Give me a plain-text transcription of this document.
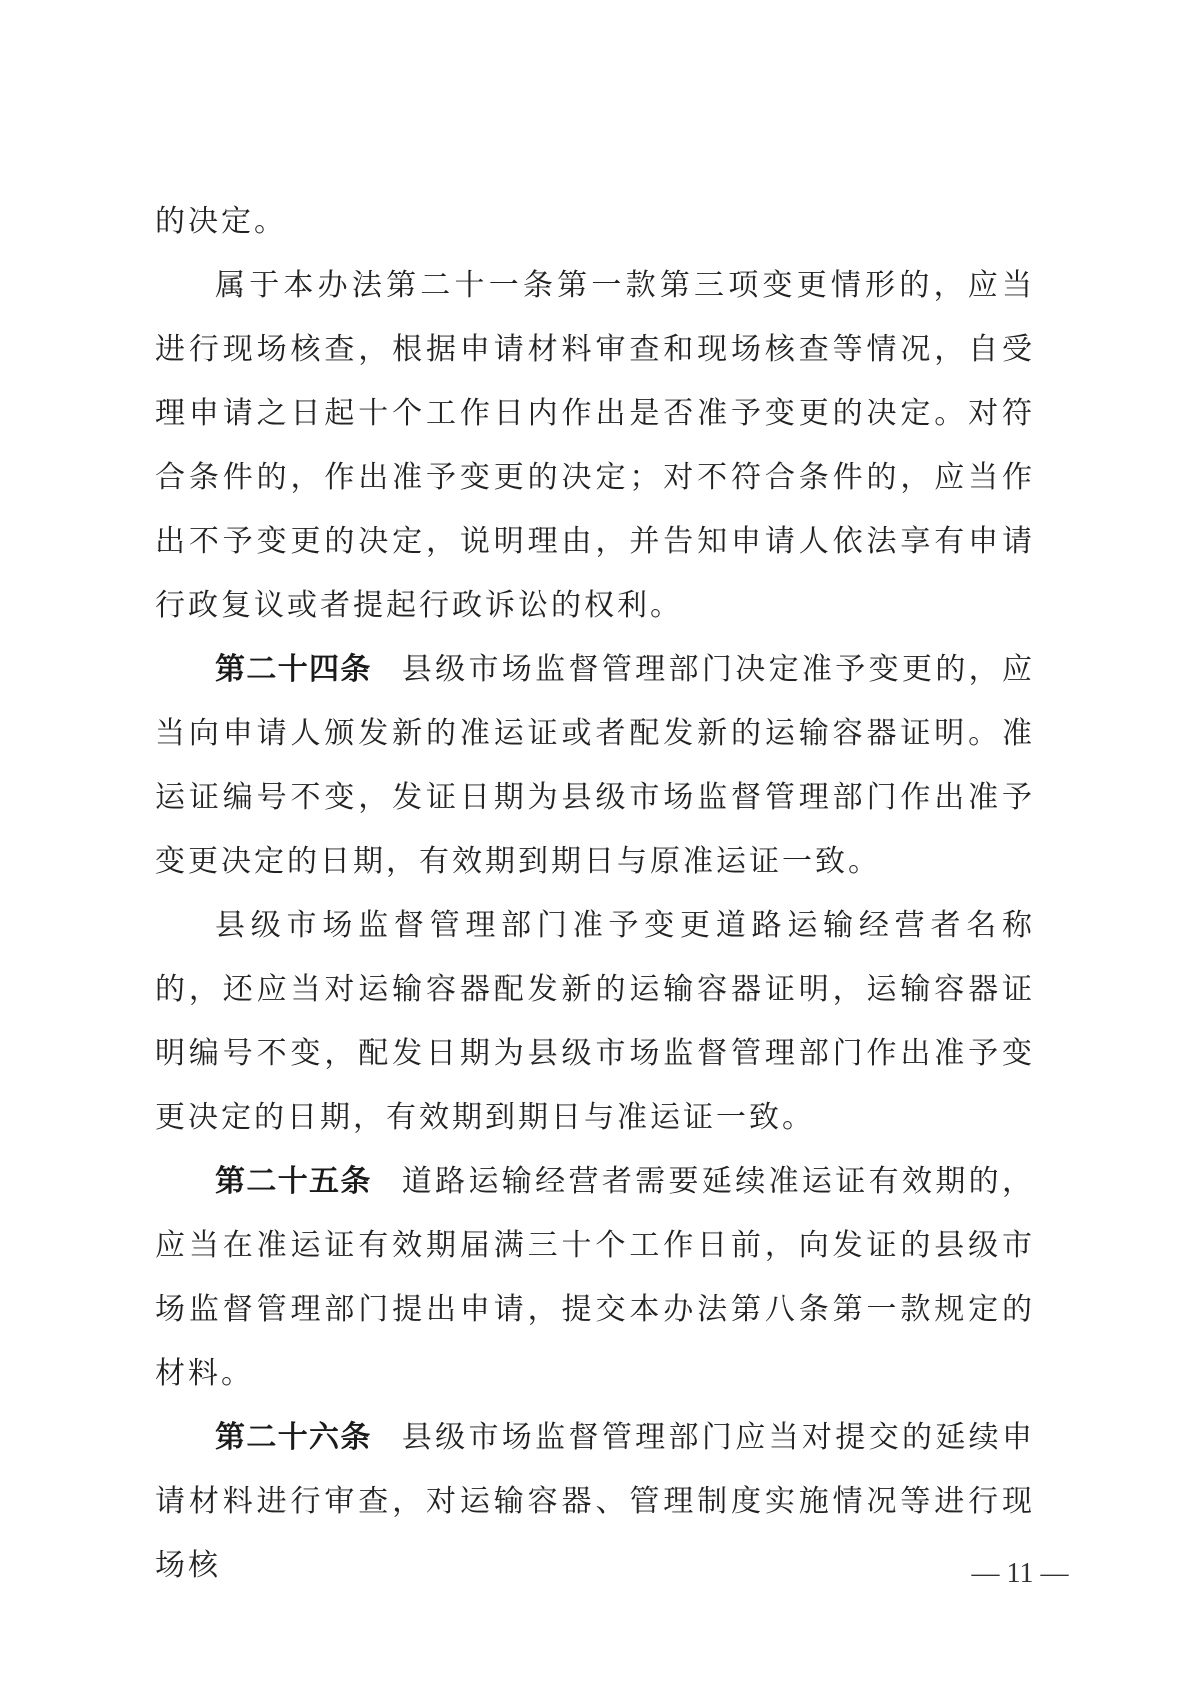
的决定。

属于本办法第二十一条第一款第三项变更情形的，应当进行现场核查，根据申请材料审查和现场核查等情况，自受理申请之日起十个工作日内作出是否准予变更的决定。对符合条件的，作出准予变更的决定；对不符合条件的，应当作出不予变更的决定，说明理由，并告知申请人依法享有申请行政复议或者提起行政诉讼的权利。

第二十四条 县级市场监督管理部门决定准予变更的，应当向申请人颁发新的准运证或者配发新的运输容器证明。准运证编号不变，发证日期为县级市场监督管理部门作出准予变更决定的日期，有效期到期日与原准运证一致。

县级市场监督管理部门准予变更道路运输经营者名称的，还应当对运输容器配发新的运输容器证明，运输容器证明编号不变，配发日期为县级市场监督管理部门作出准予变更决定的日期，有效期到期日与准运证一致。

第二十五条 道路运输经营者需要延续准运证有效期的，应当在准运证有效期届满三十个工作日前，向发证的县级市场监督管理部门提出申请，提交本办法第八条第一款规定的材料。

第二十六条 县级市场监督管理部门应当对提交的延续申请材料进行审查，对运输容器、管理制度实施情况等进行现场核	— 11 —
